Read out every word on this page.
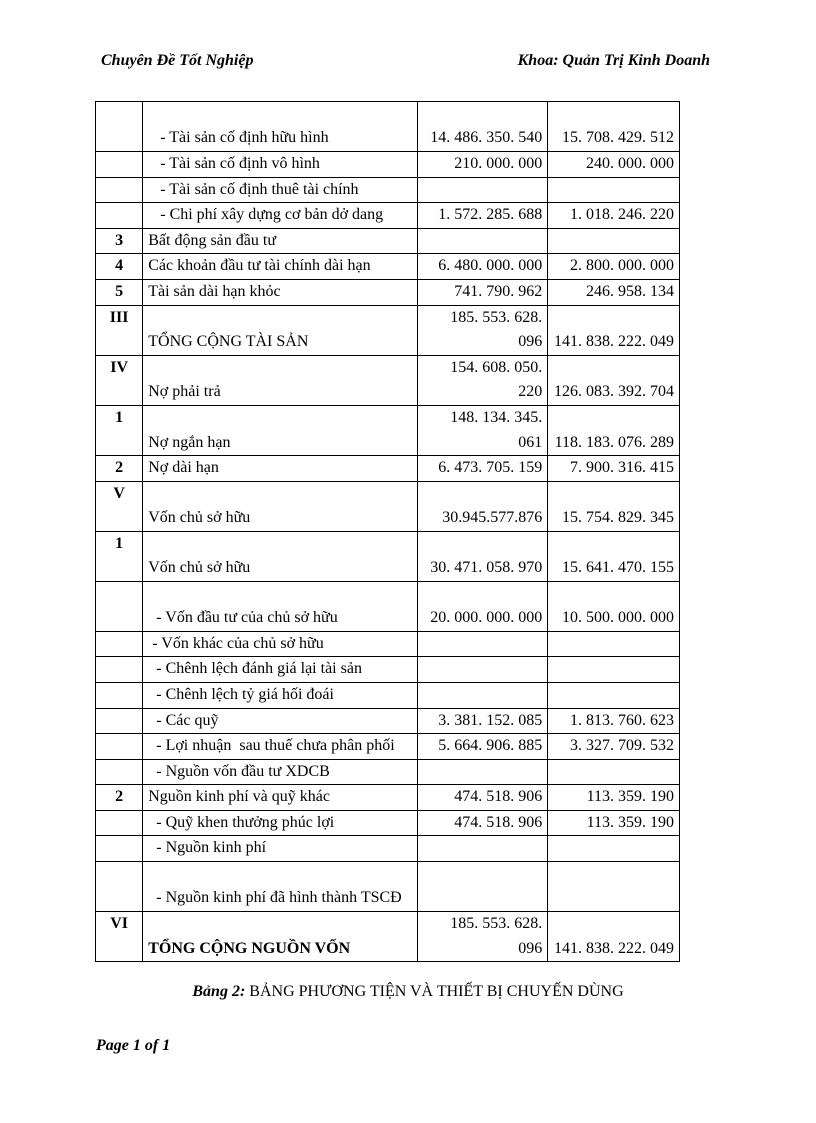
Chuyên Đề Tốt Nghiệp	Khoa: Quản Trị Kinh Doanh
	- Tài sản cố định hữu hình	14. 486. 350. 540	15. 708. 429. 512
	- Tài sản cố định vô hình	210. 000. 000	240. 000. 000
	- Tài sản cố định thuê tài chính		
	- Chi phí xây dựng cơ bản dở dang	1. 572. 285. 688	1. 018. 246. 220
3	Bất động sản đầu tư		
4	Các khoản đầu tư tài chính dài hạn	6. 480. 000. 000	2. 800. 000. 000
5	Tài sản dài hạn khỏc	741. 790. 962	246. 958. 134
III	TỔNG CỘNG TÀI SẢN	185. 553. 628. 096	141. 838. 222. 049
IV	Nợ phải trả	154. 608. 050. 220	126. 083. 392. 704
1	Nợ ngắn hạn	148. 134. 345. 061	118. 183. 076. 289
2	Nợ dài hạn	6. 473. 705. 159	7. 900. 316. 415
V	Vốn chủ sở hữu	30.945.577.876	15. 754. 829. 345
1	Vốn chủ sở hữu	30. 471. 058. 970	15. 641. 470. 155
	- Vốn đầu tư của chủ sở hữu	20. 000. 000. 000	10. 500. 000. 000
	- Vốn khác của chủ sở hữu		
	- Chênh lệch đánh giá lại tài sản		
	- Chênh lệch tỷ giá hối đoái		
	- Các quỹ	3. 381. 152. 085	1. 813. 760. 623
	- Lợi nhuận  sau thuế chưa phân phối	5. 664. 906. 885	3. 327. 709. 532
	- Nguồn vốn đầu tư XDCB		
2	Nguồn kinh phí và quỹ khác	474. 518. 906	113. 359. 190
	- Quỹ khen thưởng phúc lợi	474. 518. 906	113. 359. 190
	- Nguồn kinh phí		
	- Nguồn kinh phí đã hình thành TSCĐ		
VI	TỔNG CỘNG NGUỒN VỐN	185. 553. 628. 096	141. 838. 222. 049
Bảng 2: BẢNG PHƯƠNG TIỆN VÀ THIẾT BỊ CHUYẾN DÙNG
Page 1 of 1
